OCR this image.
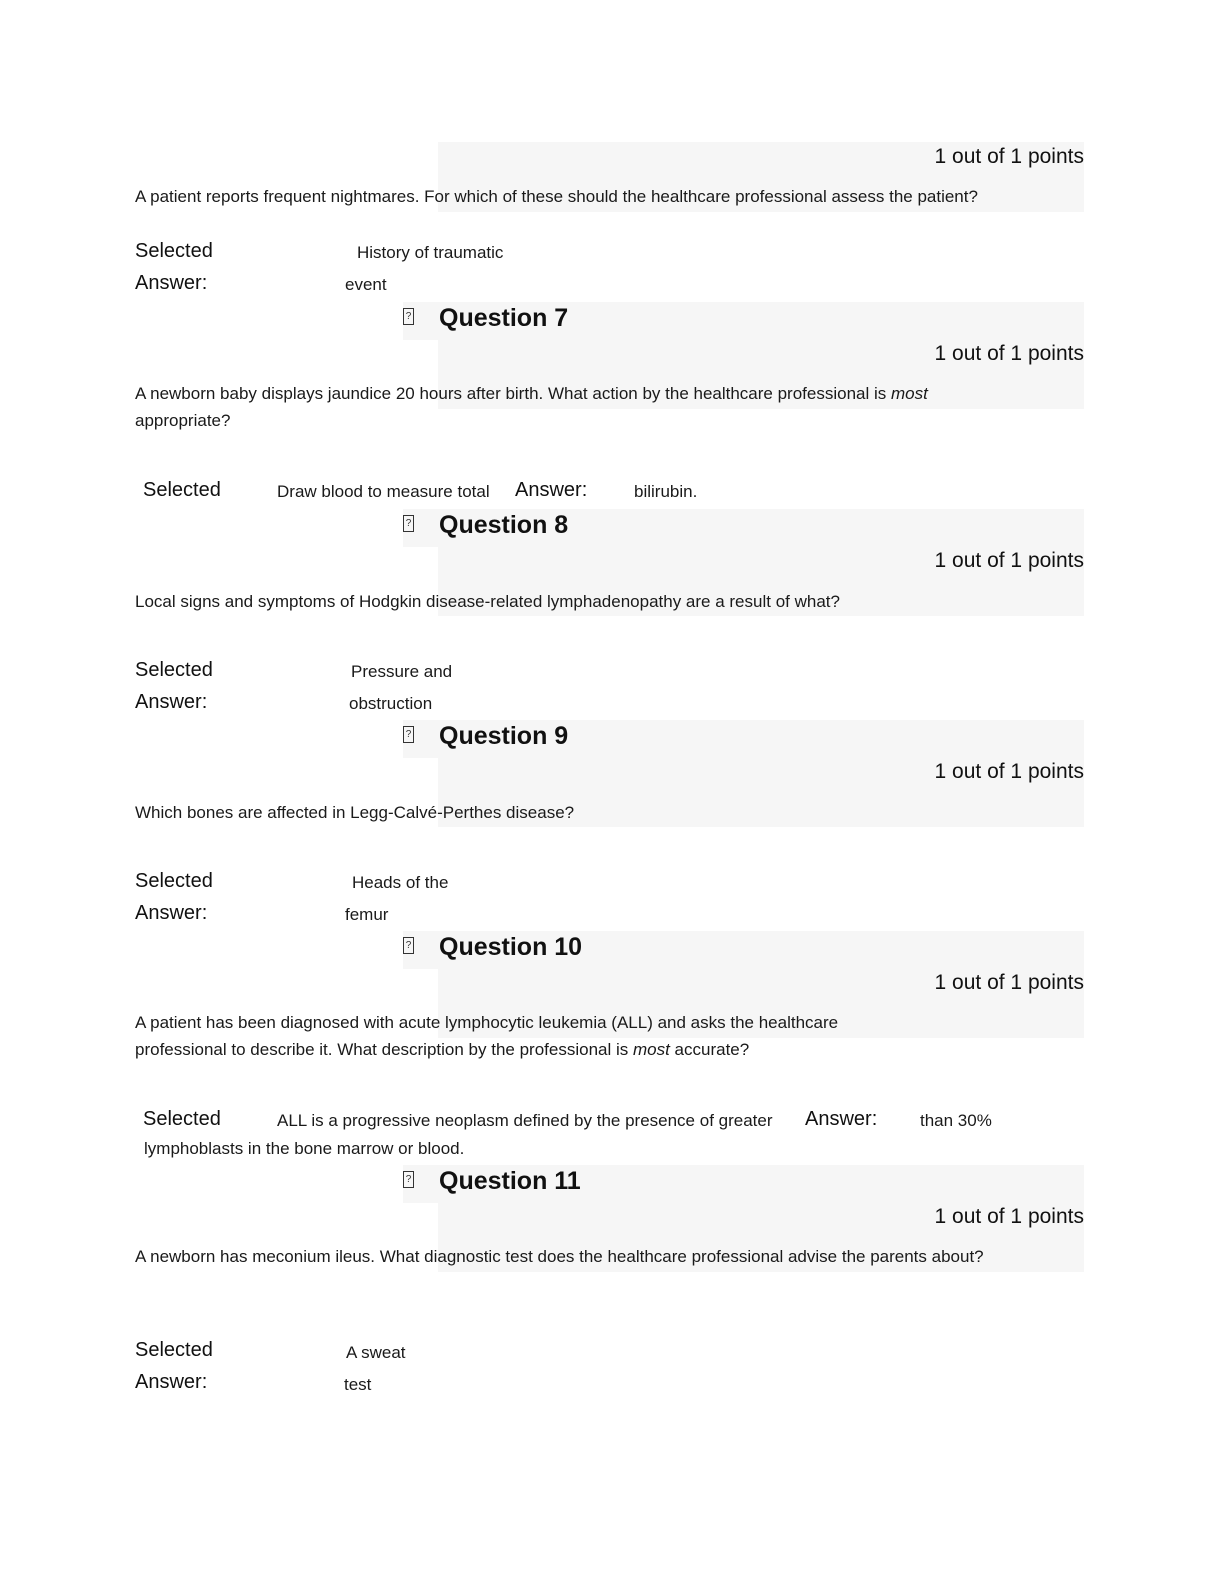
1 out of 1 points
A patient reports frequent nightmares. For which of these should the healthcare professional assess the patient?
Selected
Answer:
History of traumatic
event
? Question 7
1 out of 1 points
A newborn baby displays jaundice 20 hours after birth. What action by the healthcare professional is most appropriate?
Selected	Draw blood to measure total Answer:	bilirubin.
? Question 8
1 out of 1 points
Local signs and symptoms of Hodgkin disease-related lymphadenopathy are a result of what?
Selected
Answer:
Pressure and
obstruction
? Question 9
1 out of 1 points
Which bones are affected in Legg-Calvé-Perthes disease?
Selected
Answer:
Heads of the
femur
? Question 10
1 out of 1 points
A patient has been diagnosed with acute lymphocytic leukemia (ALL) and asks the healthcare professional to describe it. What description by the professional is most accurate?
Selected	ALL is a progressive neoplasm defined by the presence of greater Answer:	than 30%
lymphoblasts in the bone marrow or blood.
? Question 11
1 out of 1 points
A newborn has meconium ileus. What diagnostic test does the healthcare professional advise the parents about?
Selected
Answer:
A sweat
test
